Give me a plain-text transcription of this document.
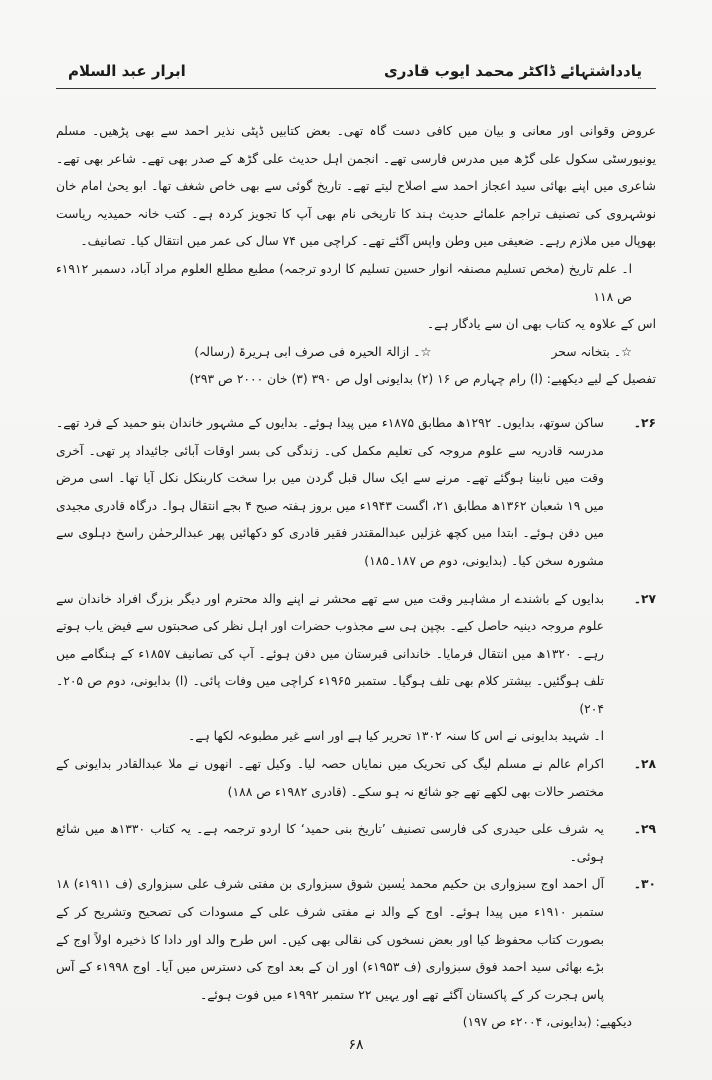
یادداشتہائے ڈاکٹر محمد ایوب قادری
ابرار عبد السلام

عروض وقوانی اور معانی و بیان میں کافی دست گاہ تھی۔ بعض کتابیں ڈپٹی نذیر احمد سے بھی پڑھیں۔ مسلم یونیورسٹی سکول علی گڑھ میں مدرس فارسی تھے۔ انجمن اہل حدیث علی گڑھ کے صدر بھی تھے۔ شاعر بھی تھے۔ شاعری میں اپنے بھائی سید اعجاز احمد سے اصلاح لیتے تھے۔ تاریخ گوئی سے بھی خاص شغف تھا۔ ابو یحیٰ امام خان نوشہروی کی تصنیف تراجم علمائے حدیث ہند کا تاریخی نام بھی آپ کا تجویز کردہ ہے۔ کتب خانہ حمیدیہ ریاست بھوپال میں ملازم رہے۔ ضعیفی میں وطن واپس آگئے تھے۔ کراچی میں ۷۴ سال کی عمر میں انتقال کیا۔ تصانیف۔

ا۔ علم تاریخ (مخص تسلیم مصنفہ انوار حسین تسلیم کا اردو ترجمہ) مطبع مطلع العلوم مراد آباد، دسمبر ۱۹۱۲ء ص ۱۱۸

اس کے علاوہ یہ کتاب بھی ان سے یادگار ہے۔

☆۔ بتخانہ سحر
☆۔ ازالۃ الحیرہ فی صرف ابی ہریرۃ (رسالہ)

تفصیل کے لیے دیکھیے: (ا) رام چہارم ص ۱۶ (۲) بدایونی اول ص ۳۹۰ (۳) خان ۲۰۰۰ ص ۲۹۳)

۲۶۔
ساکن سوتھ، بدایوں۔ ۱۲۹۲ھ مطابق ۱۸۷۵ء میں پیدا ہوئے۔ بدایوں کے مشہور خاندان بنو حمید کے فرد تھے۔ مدرسہ قادریہ سے علوم مروجہ کی تعلیم مکمل کی۔ زندگی کی بسر اوقات آبائی جائیداد پر تھی۔ آخری وقت میں نابینا ہوگئے تھے۔ مرنے سے ایک سال قبل گردن میں برا سخت کاربنکل نکل آیا تھا۔ اسی مرض میں ۱۹ شعبان ۱۳۶۲ھ مطابق ۲۱، اگست ۱۹۴۳ء میں بروز ہفتہ صبح ۴ بجے انتقال ہوا۔ درگاہ قادری مجیدی میں دفن ہوئے۔ ابتدا میں کچھ غزلیں عبدالمقتدر فقیر قادری کو دکھائیں پھر عبدالرحمٰن راسخ دہلوی سے مشورہ سخن کیا۔ (بدایونی، دوم ص ۱۸۷۔۱۸۵)
۲۷۔
بدایوں کے باشندے ار مشاہیر وقت میں سے تھے محشر نے اپنے والد محترم اور دیگر بزرگ افراد خاندان سے علوم مروجہ دینیہ حاصل کیے۔ بچپن ہی سے مجذوب حضرات اور اہل نظر کی صحبتوں سے فیض یاب ہوتے رہے۔ ۱۳۲۰ھ میں انتقال فرمایا۔ خاندانی قبرستان میں دفن ہوئے۔ آپ کی تصانیف ۱۸۵۷ء کے ہنگامے میں تلف ہوگئیں۔ بیشتر کلام بھی تلف ہوگیا۔ ستمبر ۱۹۶۵ء کراچی میں وفات پائی۔ (ا) بدایونی، دوم ص ۲۰۵۔۲۰۴)
ا۔ شہید بدایونی نے اس کا سنہ ۱۳۰۲ تحریر کیا ہے اور اسے غیر مطبوعہ لکھا ہے۔
۲۸۔
اکرام عالم نے مسلم لیگ کی تحریک میں نمایاں حصہ لیا۔ وکیل تھے۔ انھوں نے ملا عبدالقادر بدایونی کے مختصر حالات بھی لکھے تھے جو شائع نہ ہو سکے۔ (قادری ۱۹۸۲ء ص ۱۸۸)
۲۹۔
یہ شرف علی حیدری کی فارسی تصنیف ’تاریخ بنی حمید‘ کا اردو ترجمہ ہے۔ یہ کتاب ۱۳۳۰ھ میں شائع ہوئی۔
۳۰۔
آل احمد اوج سبزواری بن حکیم محمد یٰسین شوق سبزواری بن مفتی شرف علی سبزواری (ف ۱۹۱۱ء) ۱۸ ستمبر ۱۹۱۰ء میں پیدا ہوئے۔ اوج کے والد نے مفتی شرف علی کے مسودات کی تصحیح وتشریح کر کے بصورت کتاب محفوظ کیا اور بعض نسخوں کی نقالی بھی کیں۔ اس طرح والد اور دادا کا ذخیرہ اولاً اوج کے بڑے بھائی سید احمد فوق سبزواری (ف ۱۹۵۳ء) اور ان کے بعد اوج کی دسترس میں آیا۔ اوج ۱۹۹۸ء کے آس پاس ہجرت کر کے پاکستان آگئے تھے اور یہیں ۲۲ ستمبر ۱۹۹۲ء میں فوت ہوئے۔

دیکھیے: (بدایونی، ۲۰۰۴ء ص ۱۹۷)

۶۸
